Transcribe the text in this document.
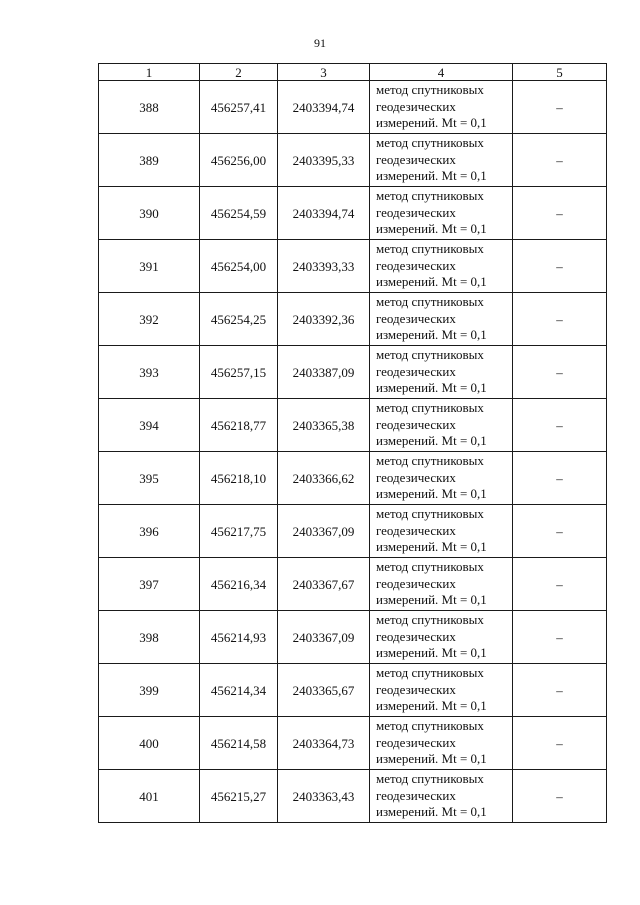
91
1	2	3	4	5
388	456257,41	2403394,74	метод спутниковых
геодезических
измерений. Mt = 0,1	–
389	456256,00	2403395,33	метод спутниковых
геодезических
измерений. Mt = 0,1	–
390	456254,59	2403394,74	метод спутниковых
геодезических
измерений. Mt = 0,1	–
391	456254,00	2403393,33	метод спутниковых
геодезических
измерений. Mt = 0,1	–
392	456254,25	2403392,36	метод спутниковых
геодезических
измерений. Mt = 0,1	–
393	456257,15	2403387,09	метод спутниковых
геодезических
измерений. Mt = 0,1	–
394	456218,77	2403365,38	метод спутниковых
геодезических
измерений. Mt = 0,1	–
395	456218,10	2403366,62	метод спутниковых
геодезических
измерений. Mt = 0,1	–
396	456217,75	2403367,09	метод спутниковых
геодезических
измерений. Mt = 0,1	–
397	456216,34	2403367,67	метод спутниковых
геодезических
измерений. Mt = 0,1	–
398	456214,93	2403367,09	метод спутниковых
геодезических
измерений. Mt = 0,1	–
399	456214,34	2403365,67	метод спутниковых
геодезических
измерений. Mt = 0,1	–
400	456214,58	2403364,73	метод спутниковых
геодезических
измерений. Mt = 0,1	–
401	456215,27	2403363,43	метод спутниковых
геодезических
измерений. Mt = 0,1	–
